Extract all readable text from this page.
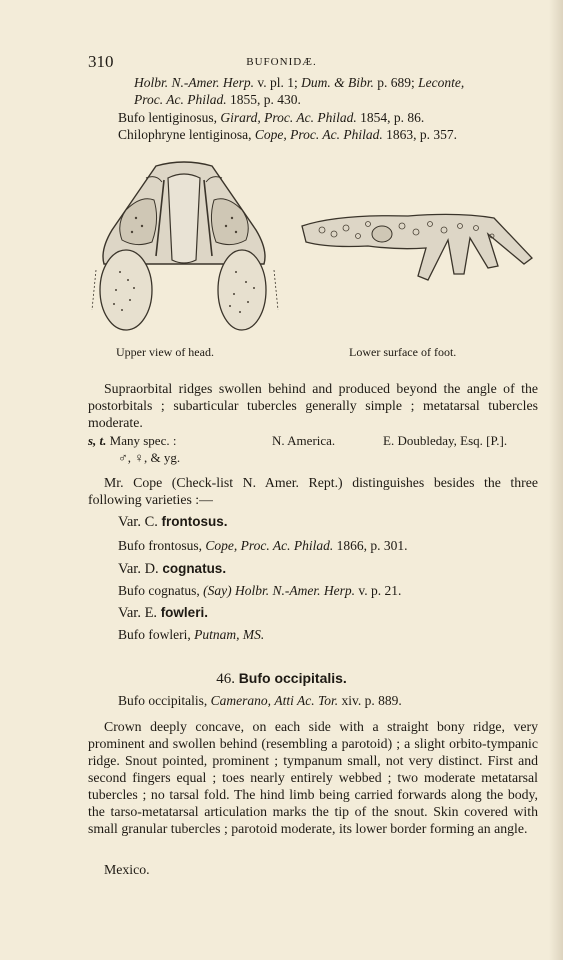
310	BUFONIDÆ.
Holbr. N.-Amer. Herp. v. pl. 1; Dum. & Bibr. p. 689; Leconte,
Proc. Ac. Philad. 1855, p. 430.
Bufo lentiginosus, Girard, Proc. Ac. Philad. 1854, p. 86.
Chilophryne lentiginosa, Cope, Proc. Ac. Philad. 1863, p. 357.
Upper view of head.	Lower surface of foot.
Supraorbital ridges swollen behind and produced beyond the angle of the postorbitals ; subarticular tubercles generally simple ; metatarsal tubercles moderate.
s, t. Many spec. :	N. America.	E. Doubleday, Esq. [P.].
♂, ♀, & yg.
Mr. Cope (Check-list N. Amer. Rept.) distinguishes besides the three following varieties :—
Var. C. frontosus.
Bufo frontosus, Cope, Proc. Ac. Philad. 1866, p. 301.
Var. D. cognatus.
Bufo cognatus, (Say) Holbr. N.-Amer. Herp. v. p. 21.
Var. E. fowleri.
Bufo fowleri, Putnam, MS.
46. Bufo occipitalis.
Bufo occipitalis, Camerano, Atti Ac. Tor. xiv. p. 889.
Crown deeply concave, on each side with a straight bony ridge, very prominent and swollen behind (resembling a parotoid) ; a slight orbito-tympanic ridge. Snout pointed, prominent ; tympanum small, not very distinct. First and second fingers equal ; toes nearly entirely webbed ; two moderate metatarsal tubercles ; no tarsal fold. The hind limb being carried forwards along the body, the tarso-metatarsal articulation marks the tip of the snout. Skin covered with small granular tubercles ; parotoid moderate, its lower border forming an angle.
Mexico.
